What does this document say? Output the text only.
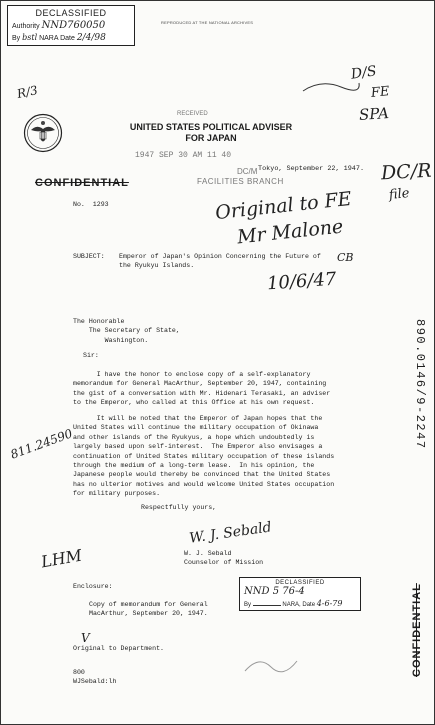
DECLASSIFIED
Authority NND760050
By bstl NARA Date 2/4/98
REPRODUCED AT THE NATIONAL ARCHIVES
D/S
FE
SPA
DC/R
file
R/3
RECEIVED
1947 SEP 30 AM 11 40
DC/M
FACILITIES BRANCH
UNITED STATES POLITICAL ADVISER
FOR JAPAN
Tokyo, September 22, 1947.
CONFIDENTIAL
No.  1293	Original to FE
Mr Malone
10/6/47
CB
SUBJECT: Emperor of Japan's Opinion Concerning the Future of
the Ryukyu Islands.
The Honorable
The Secretary of State,
Washington.
Sir:
I have the honor to enclose copy of a self-explanatory
memorandum for General MacArthur, September 20, 1947, containing
the gist of a conversation with Mr. Hidenari Terasaki, an adviser
to the Emperor, who called at this Office at his own request.
It will be noted that the Emperor of Japan hopes that the
United States will continue the military occupation of Okinawa
and other islands of the Ryukyus, a hope which undoubtedly is
largely based upon self-interest.  The Emperor also envisages a
continuation of United States military occupation of these islands
through the medium of a long-term lease.  In his opinion, the
Japanese people would thereby be convinced that the United States
has no ulterior motives and would welcome United States occupation
for military purposes.
811.24590
Respectfully yours,
W. J. Sebald
W. J. Sebald
Counselor of Mission
LHM
Enclosure:
Copy of memorandum for General
MacArthur, September 20, 1947.
DECLASSIFIED
NND 5 76-4
By	NARA, Date 4-6-79
V
Original to Department.
800
WJSebald:lh
890.0146/9-2247
CONFIDENTIAL
